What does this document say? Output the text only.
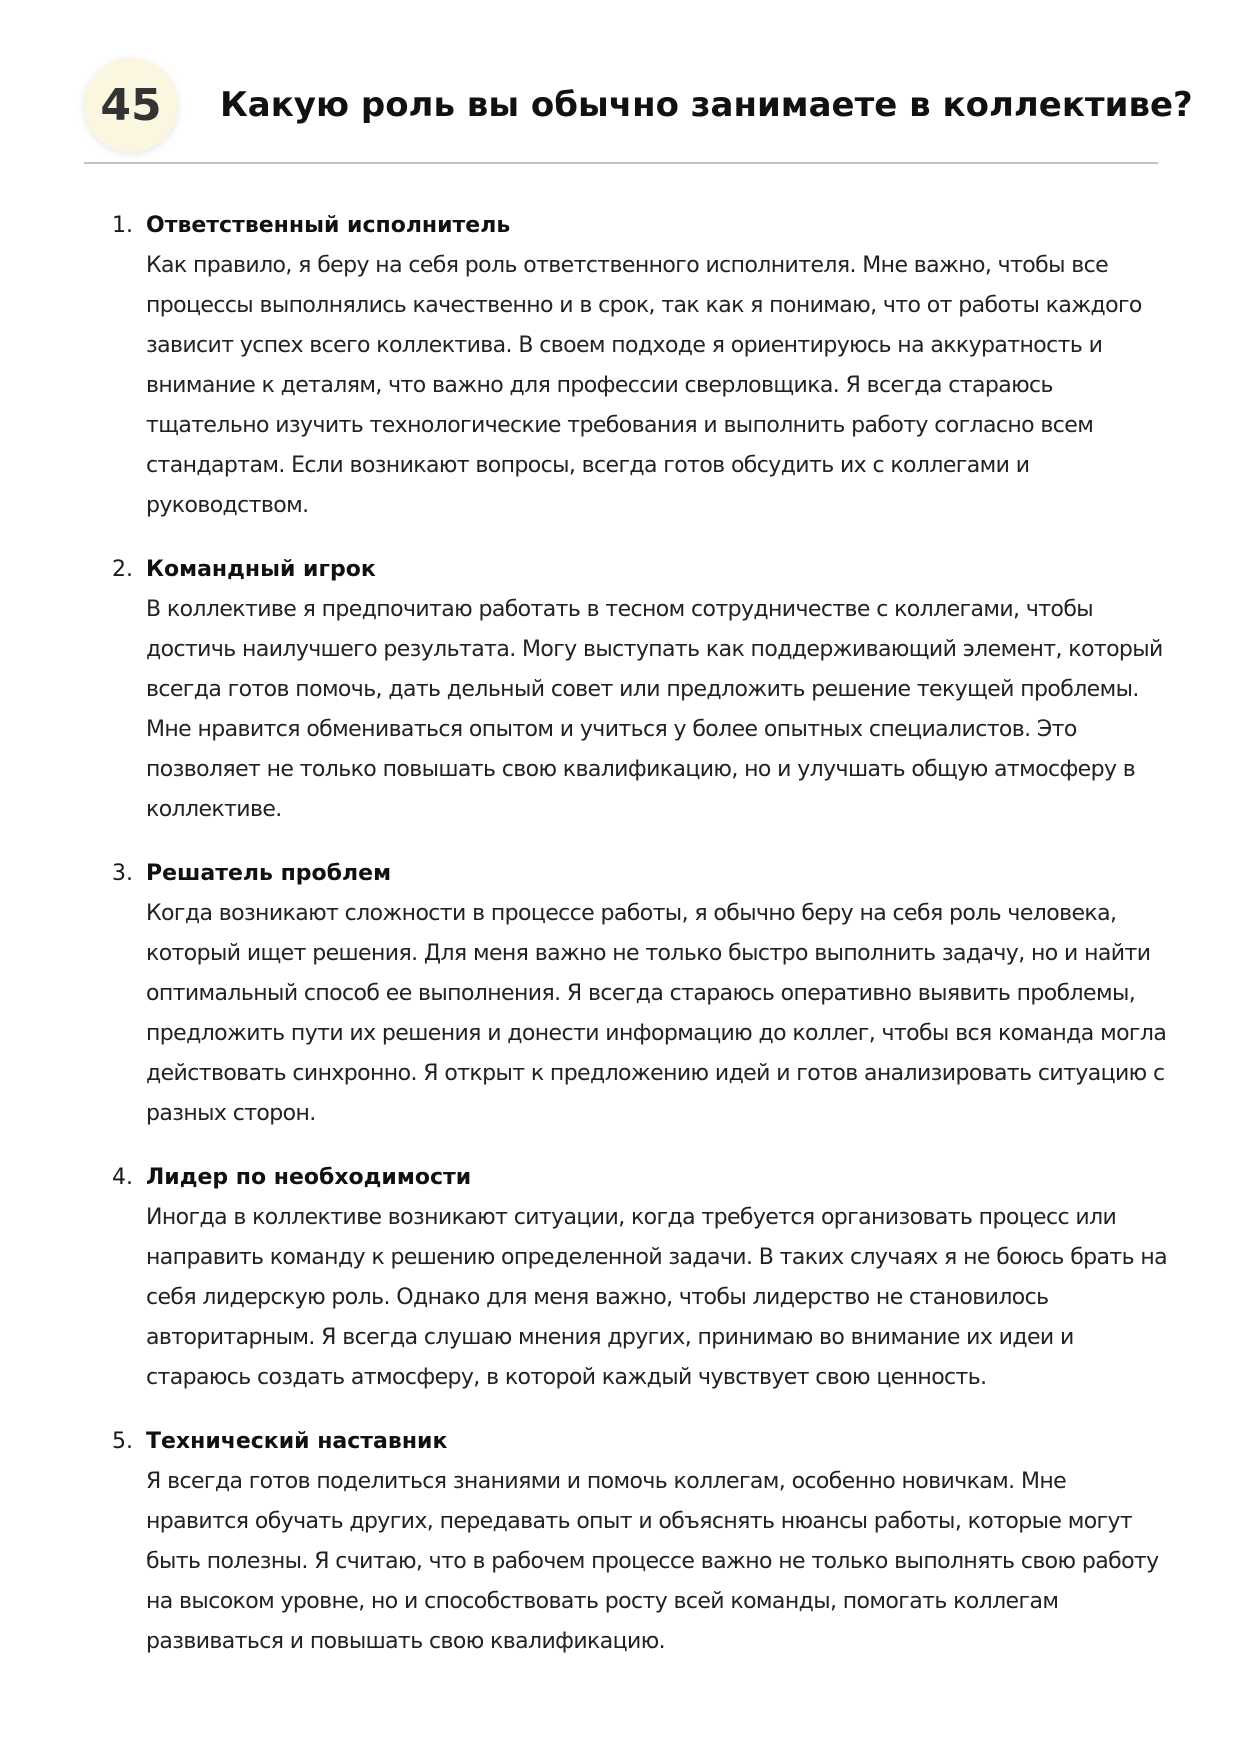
45	Какую роль вы обычно занимаете в коллективе?
1. Ответственный исполнитель

Как правило, я беру на себя роль ответственного исполнителя. Мне важно, чтобы все процессы выполнялись качественно и в срок, так как я понимаю, что от работы каждого зависит успех всего коллектива. В своем подходе я ориентируюсь на аккуратность и внимание к деталям, что важно для профессии сверловщика. Я всегда стараюсь тщательно изучить технологические требования и выполнить работу согласно всем стандартам. Если возникают вопросы, всегда готов обсудить их с коллегами и руководством.

2. Командный игрок

В коллективе я предпочитаю работать в тесном сотрудничестве с коллегами, чтобы достичь наилучшего результата. Могу выступать как поддерживающий элемент, который всегда готов помочь, дать дельный совет или предложить решение текущей проблемы. Мне нравится обмениваться опытом и учиться у более опытных специалистов. Это позволяет не только повышать свою квалификацию, но и улучшать общую атмосферу в коллективе.

3. Решатель проблем

Когда возникают сложности в процессе работы, я обычно беру на себя роль человека, который ищет решения. Для меня важно не только быстро выполнить задачу, но и найти оптимальный способ ее выполнения. Я всегда стараюсь оперативно выявить проблемы, предложить пути их решения и донести информацию до коллег, чтобы вся команда могла действовать синхронно. Я открыт к предложению идей и готов анализировать ситуацию с разных сторон.

4. Лидер по необходимости

Иногда в коллективе возникают ситуации, когда требуется организовать процесс или направить команду к решению определенной задачи. В таких случаях я не боюсь брать на себя лидерскую роль. Однако для меня важно, чтобы лидерство не становилось авторитарным. Я всегда слушаю мнения других, принимаю во внимание их идеи и стараюсь создать атмосферу, в которой каждый чувствует свою ценность.

5. Технический наставник

Я всегда готов поделиться знаниями и помочь коллегам, особенно новичкам. Мне нравится обучать других, передавать опыт и объяснять нюансы работы, которые могут быть полезны. Я считаю, что в рабочем процессе важно не только выполнять свою работу на высоком уровне, но и способствовать росту всей команды, помогать коллегам развиваться и повышать свою квалификацию.
